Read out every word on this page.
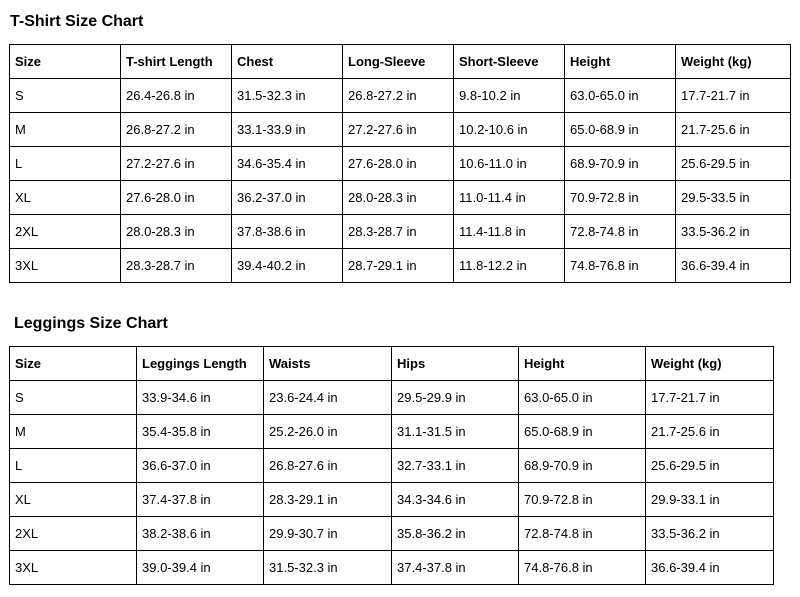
T-Shirt Size Chart
Size	T-shirt Length	Chest	Long-Sleeve	Short-Sleeve	Height	Weight (kg)
S	26.4-26.8 in	31.5-32.3 in	26.8-27.2 in	9.8-10.2 in	63.0-65.0 in	17.7-21.7 in
M	26.8-27.2 in	33.1-33.9 in	27.2-27.6 in	10.2-10.6 in	65.0-68.9 in	21.7-25.6 in
L	27.2-27.6 in	34.6-35.4 in	27.6-28.0 in	10.6-11.0 in	68.9-70.9 in	25.6-29.5 in
XL	27.6-28.0 in	36.2-37.0 in	28.0-28.3 in	11.0-11.4 in	70.9-72.8 in	29.5-33.5 in
2XL	28.0-28.3 in	37.8-38.6 in	28.3-28.7 in	11.4-11.8 in	72.8-74.8 in	33.5-36.2 in
3XL	28.3-28.7 in	39.4-40.2 in	28.7-29.1 in	11.8-12.2 in	74.8-76.8 in	36.6-39.4 in
Leggings Size Chart
Size	Leggings Length	Waists	Hips	Height	Weight (kg)
S	33.9-34.6 in	23.6-24.4 in	29.5-29.9 in	63.0-65.0 in	17.7-21.7 in
M	35.4-35.8 in	25.2-26.0 in	31.1-31.5 in	65.0-68.9 in	21.7-25.6 in
L	36.6-37.0 in	26.8-27.6 in	32.7-33.1 in	68.9-70.9 in	25.6-29.5 in
XL	37.4-37.8 in	28.3-29.1 in	34.3-34.6 in	70.9-72.8 in	29.9-33.1 in
2XL	38.2-38.6 in	29.9-30.7 in	35.8-36.2 in	72.8-74.8 in	33.5-36.2 in
3XL	39.0-39.4 in	31.5-32.3 in	37.4-37.8 in	74.8-76.8 in	36.6-39.4 in
